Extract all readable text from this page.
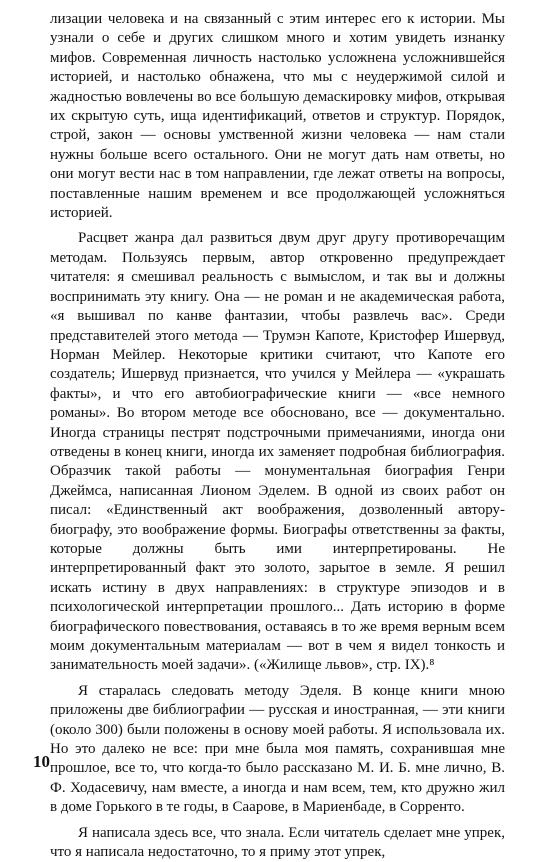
лизации человека и на связанный с этим интерес его к истории. Мы узнали о себе и других слишком много и хотим увидеть изнанку мифов. Современная личность настолько усложнена усложнившейся историей, и настолько обнажена, что мы с неудержимой силой и жадностью вовлечены во все большую демаскировку мифов, открывая их скрытую суть, ища идентификаций, ответов и структур. Порядок, строй, закон — основы умственной жизни человека — нам стали нужны больше всего остального. Они не могут дать нам ответы, но они могут вести нас в том направлении, где лежат ответы на вопросы, поставленные нашим временем и все продолжающей усложняться историей.

Расцвет жанра дал развиться двум друг другу противоречащим методам. Пользуясь первым, автор откровенно предупреждает читателя: я смешивал реальность с вымыслом, и так вы и должны воспринимать эту книгу. Она — не роман и не академическая работа, «я вышивал по канве фантазии, чтобы развлечь вас». Среди представителей этого метода — Трумэн Капоте, Кристофер Ишервуд, Норман Мейлер. Некоторые критики считают, что Капоте его создатель; Ишервуд признается, что учился у Мейлера — «украшать факты», и что его автобиографические книги — «все немного романы». Во втором методе все обосновано, все — документально. Иногда страницы пестрят подстрочными примечаниями, иногда они отведены в конец книги, иногда их заменяет подробная библиография. Образчик такой работы — монументальная биография Генри Джеймса, написанная Лионом Эделем. В одной из своих работ он писал: «Единственный акт воображения, дозволенный автору-биографу, это воображение формы. Биографы ответственны за факты, которые должны быть ими интерпретированы. Не интерпретированный факт это золото, зарытое в земле. Я решил искать истину в двух направлениях: в структуре эпизодов и в психологической интерпретации прошлого... Дать историю в форме биографического повествования, оставаясь в то же время верным всем моим документальным материалам — вот в чем я видел тонкость и занимательность моей задачи». («Жилище львов», стр. IX).⁸

Я старалась следовать методу Эделя. В конце книги мною приложены две библиографии — русская и иностранная, — эти книги (около 300) были положены в основу моей работы. Я использовала их. Но это далеко не все: при мне была моя память, сохранившая мне прошлое, все то, что когда-то было рассказано М. И. Б. мне лично, В. Ф. Ходасевичу, нам вместе, а иногда и нам всем, тем, кто дружно жил в доме Горького в те годы, в Саарове, в Мариенбаде, в Сорренто.

Я написала здесь все, что знала. Если читатель сделает мне упрек, что я написала недостаточно, то я приму этот упрек,

10
